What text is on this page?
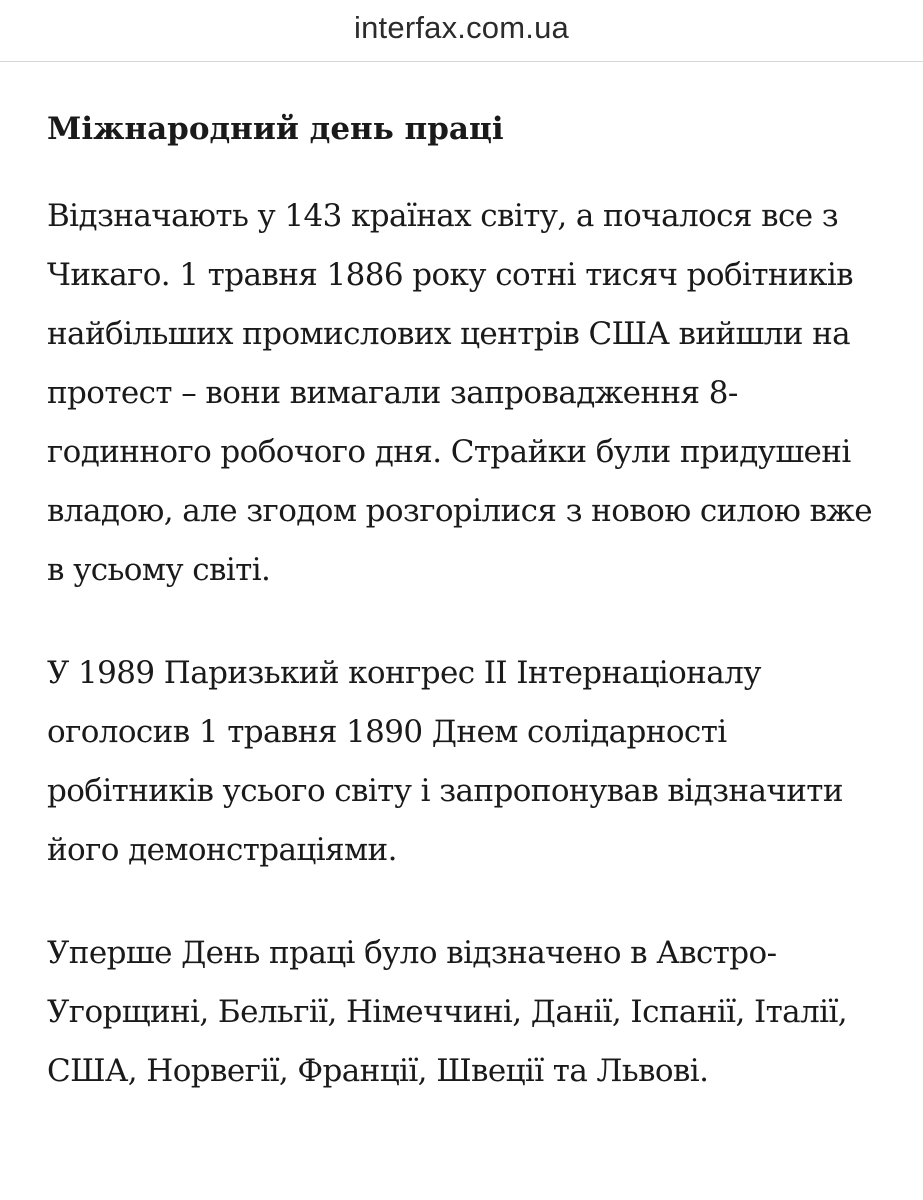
interfax.com.ua
Міжнародний день праці

Відзначають у 143 країнах світу, а почалося все з Чикаго. 1 травня 1886 року сотні тисяч робітників найбільших промислових центрів США вийшли на протест – вони вимагали запровадження 8-годинного робочого дня. Страйки були придушені владою, але згодом розгорілися з новою силою вже в усьому світі.

У 1989 Паризький конгрес II Інтернаціоналу оголосив 1 травня 1890 Днем солідарності робітників усього світу і запропонував відзначити його демонстраціями.

Уперше День праці було відзначено в Австро-Угорщині, Бельгії, Німеччині, Данії, Іспанії, Італії, США, Норвегії, Франції, Швеції та Львові.
